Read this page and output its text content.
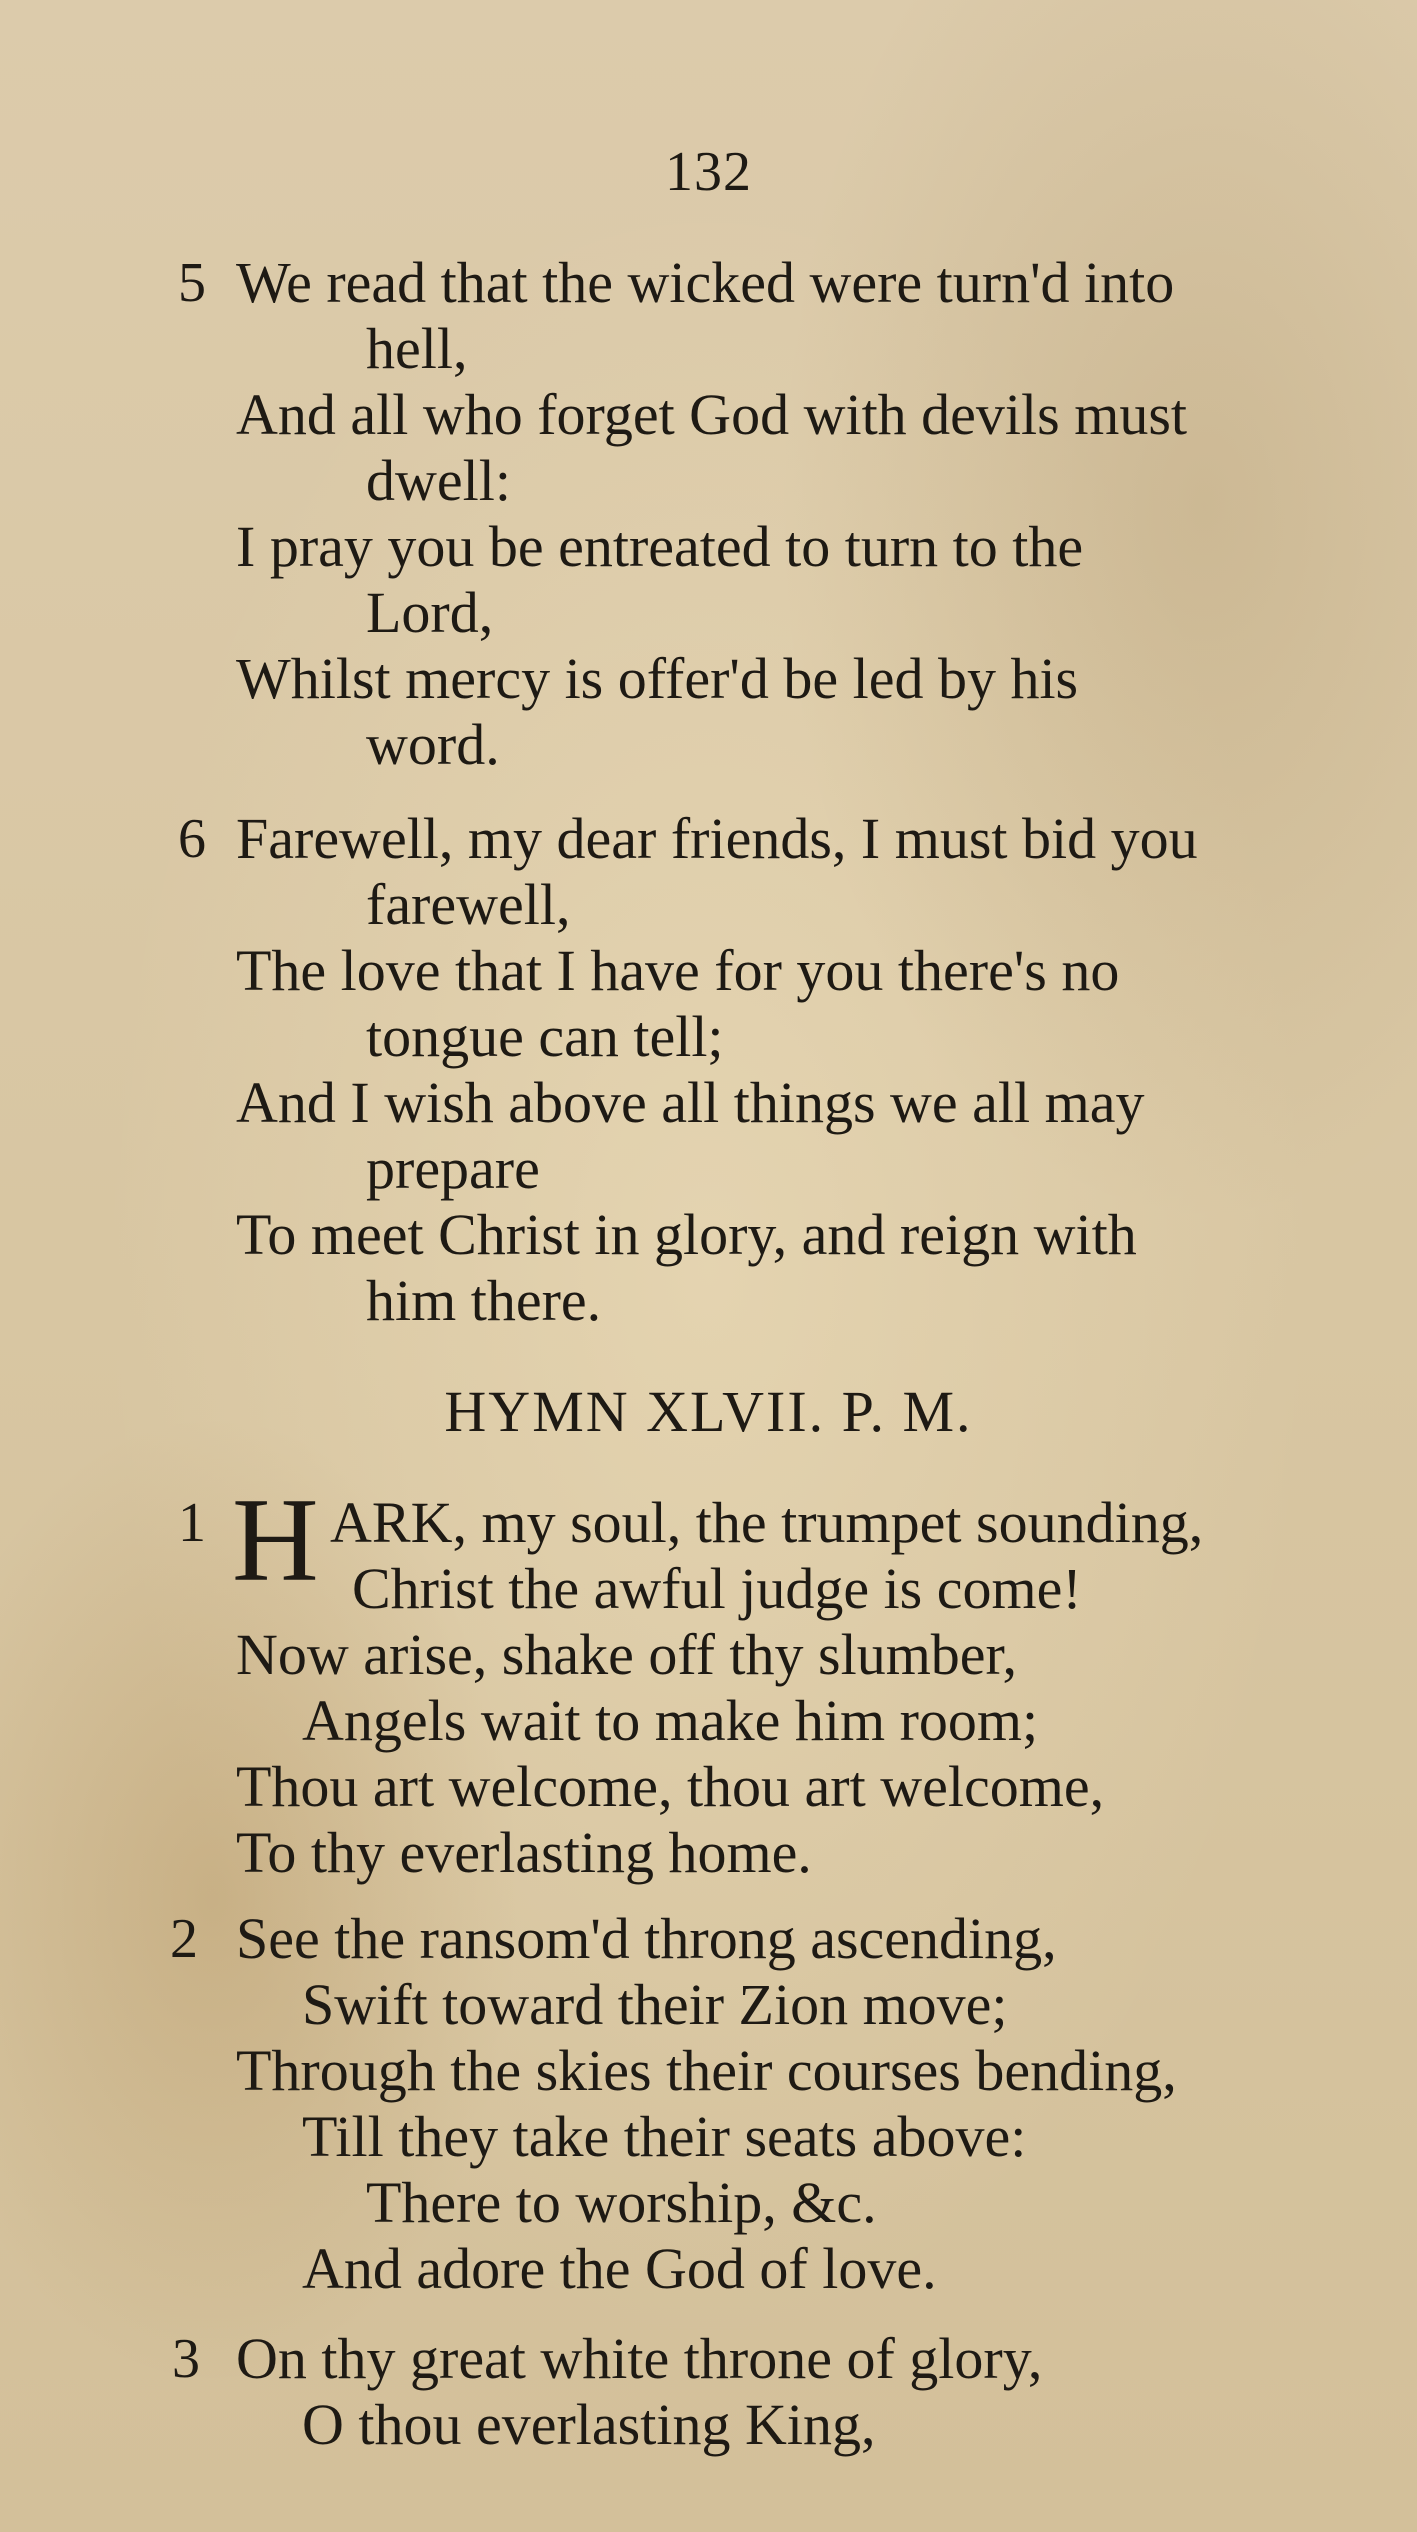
132
5 We read that the wicked were turn'd into
hell,
And all who forget God with devils must
dwell:
I pray you be entreated to turn to the
Lord,
Whilst mercy is offer'd be led by his
word.
6 Farewell, my dear friends, I must bid you
farewell,
The love that I have for you there's no
tongue can tell;
And I wish above all things we all may
prepare
To meet Christ in glory, and reign with
him there.
HYMN XLVII. P. M.
1 H ARK, my soul, the trumpet sounding,
Christ the awful judge is come!
Now arise, shake off thy slumber,
Angels wait to make him room;
Thou art welcome, thou art welcome,
To thy everlasting home.
2 See the ransom'd throng ascending,
Swift toward their Zion move;
Through the skies their courses bending,
Till they take their seats above:
There to worship, &c.
And adore the God of love.
3 On thy great white throne of glory,
O thou everlasting King,
